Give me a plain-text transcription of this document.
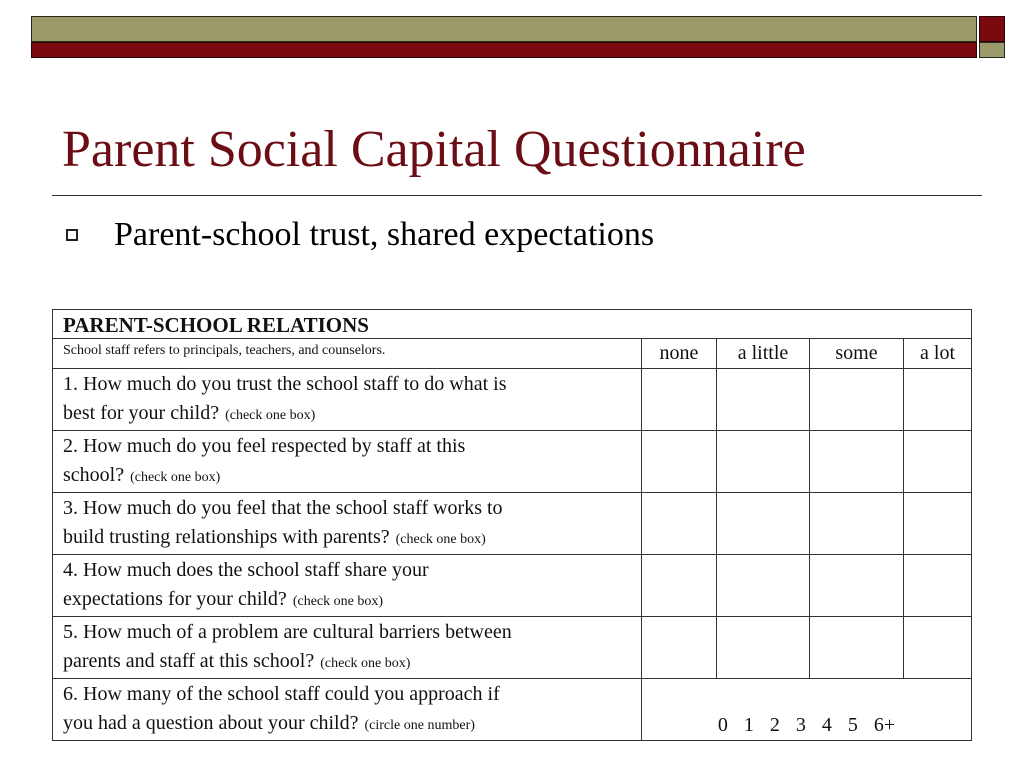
Parent Social Capital Questionnaire
Parent-school trust, shared expectations
PARENT-SCHOOL RELATIONS				
School staff refers to principals, teachers, and counselors.	none	a little	some	a lot
1. How much do you trust the school staff to do what is
best for your child? (check one box)				
2. How much do you feel respected by staff at this
school? (check one box)				
3. How much do you feel that the school staff works to
build trusting relationships with parents? (check one box)				
4. How much does the school staff share your
expectations for your child? (check one box)				
5. How much of a problem are cultural barriers between
parents and staff at this school? (check one box)				
6. How many of the school staff could you approach if
you had a question about your child? (circle one number)	0 1 2 3 4 5 6+			
